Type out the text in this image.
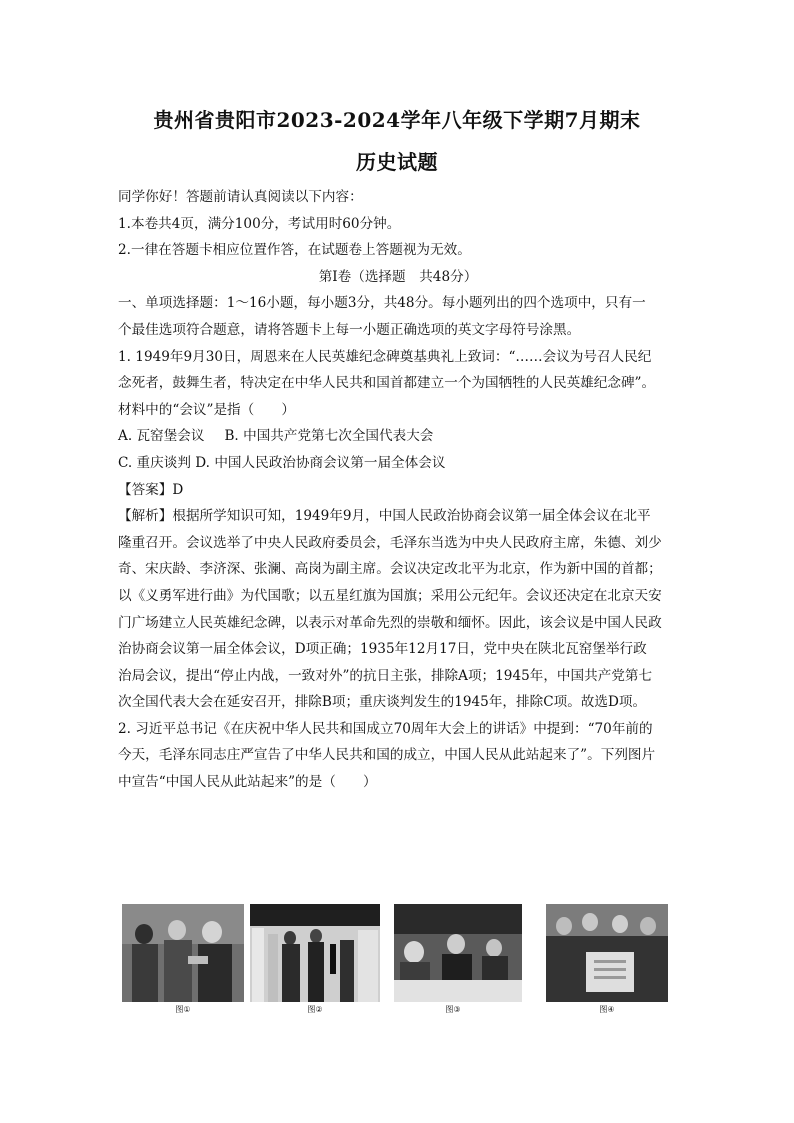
贵州省贵阳市2023-2024学年八年级下学期7月期末
历史试题

同学你好！答题前请认真阅读以下内容：

1.本卷共4页，满分100分，考试用时60分钟。

2.一律在答题卡相应位置作答，在试题卷上答题视为无效。

第Ⅰ卷（选择题　共48分）

一、单项选择题：1～16小题，每小题3分，共48分。每小题列出的四个选项中，只有一

个最佳选项符合题意，请将答题卡上每一小题正确选项的英文字母符号涂黑。

1. 1949年9月30日，周恩来在人民英雄纪念碑奠基典礼上致词：“……会议为号召人民纪

念死者，鼓舞生者，特决定在中华人民共和国首都建立一个为国牺牲的人民英雄纪念碑”。

材料中的“会议”是指（　　）

A. 瓦窑堡会议 B. 中国共产党第七次全国代表大会

C. 重庆谈判 D. 中国人民政治协商会议第一届全体会议

【答案】D

【解析】根据所学知识可知，1949年9月，中国人民政治协商会议第一届全体会议在北平

隆重召开。会议选举了中央人民政府委员会，毛泽东当选为中央人民政府主席，朱德、刘少

奇、宋庆龄、李济深、张澜、高岗为副主席。会议决定改北平为北京，作为新中国的首都；

以《义勇军进行曲》为代国歌；以五星红旗为国旗；采用公元纪年。会议还决定在北京天安

门广场建立人民英雄纪念碑，以表示对革命先烈的崇敬和缅怀。因此，该会议是中国人民政

治协商会议第一届全体会议，D项正确；1935年12月17日，党中央在陕北瓦窑堡举行政

治局会议，提出“停止内战，一致对外”的抗日主张，排除A项；1945年，中国共产党第七

次全国代表大会在延安召开，排除B项；重庆谈判发生的1945年，排除C项。故选D项。

2. 习近平总书记《在庆祝中华人民共和国成立70周年大会上的讲话》中提到：“70年前的

今天，毛泽东同志庄严宣告了中华人民共和国的成立，中国人民从此站起来了”。下列图片

中宣告“中国人民从此站起来”的是（　　）

图①	图②	图③	图④
